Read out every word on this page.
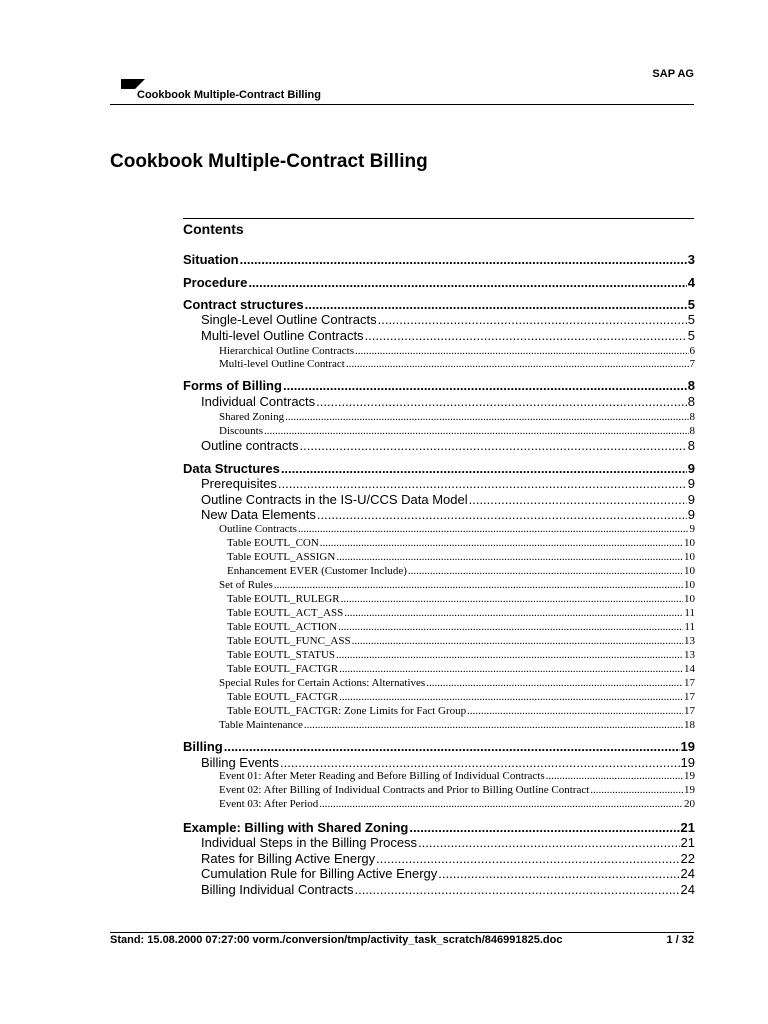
SAP AG
Cookbook Multiple-Contract Billing
Cookbook Multiple-Contract Billing
Contents
Situation .....	3
Procedure .....	4
Contract structures .....	5
Single-Level Outline Contracts .....	5
Multi-level Outline Contracts .....	5
Hierarchical Outline Contracts .....	6
Multi-level Outline Contract .....	7
Forms of Billing .....	8
Individual Contracts .....	8
Shared Zoning .....	8
Discounts .....	8
Outline contracts .....	8
Data Structures .....	9
Prerequisites .....	9
Outline Contracts in the IS-U/CCS Data Model .....	9
New Data Elements .....	9
Outline Contracts .....	9
Table EOUTL_CON .....	10
Table EOUTL_ASSIGN .....	10
Enhancement EVER (Customer Include) .....	10
Set of Rules .....	10
Table EOUTL_RULEGR .....	10
Table EOUTL_ACT_ASS .....	11
Table EOUTL_ACTION .....	11
Table EOUTL_FUNC_ASS .....	13
Table EOUTL_STATUS .....	13
Table EOUTL_FACTGR .....	14
Special Rules for Certain Actions: Alternatives .....	17
Table EOUTL_FACTGR .....	17
Table EOUTL_FACTGR: Zone Limits for Fact Group .....	17
Table Maintenance .....	18
Billing .....	19
Billing Events .....	19
Event 01: After Meter Reading and Before Billing of Individual Contracts .....	19
Event 02: After Billing of Individual Contracts and Prior to Billing Outline Contract .....	19
Event 03: After Period .....	20
Example: Billing with Shared Zoning .....	21
Individual Steps in the Billing Process .....	21
Rates for Billing Active Energy .....	22
Cumulation Rule for Billing Active Energy .....	24
Billing Individual Contracts .....	24
Stand: 15.08.2000 07:27:00 vorm./conversion/tmp/activity_task_scratch/846991825.doc	1 / 32
